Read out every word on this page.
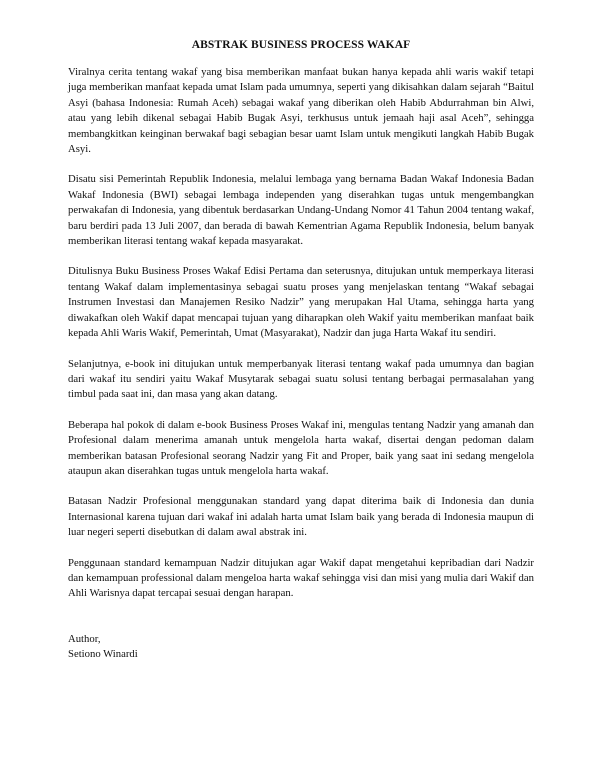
ABSTRAK BUSINESS PROCESS WAKAF
Viralnya cerita tentang wakaf yang bisa memberikan manfaat bukan hanya kepada ahli waris wakif tetapi juga memberikan manfaat kepada umat Islam pada umumnya, seperti yang dikisahkan dalam sejarah “Baitul Asyi (bahasa Indonesia: Rumah Aceh) sebagai wakaf yang diberikan oleh Habib Abdurrahman bin Alwi, atau yang lebih dikenal sebagai Habib Bugak Asyi, terkhusus untuk jemaah haji asal Aceh”, sehingga membangkitkan keinginan berwakaf bagi sebagian besar uamt Islam untuk mengikuti langkah Habib Bugak Asyi.
Disatu sisi Pemerintah Republik Indonesia, melalui lembaga yang bernama Badan Wakaf Indonesia Badan Wakaf Indonesia (BWI) sebagai lembaga independen yang diserahkan tugas untuk mengembangkan perwakafan di Indonesia, yang dibentuk berdasarkan Undang-Undang Nomor 41 Tahun 2004 tentang wakaf, baru berdiri pada 13 Juli 2007, dan berada di bawah Kementrian Agama Republik Indonesia, belum banyak memberikan literasi tentang wakaf kepada masyarakat.
Ditulisnya Buku Business Proses Wakaf Edisi Pertama dan seterusnya, ditujukan untuk memperkaya literasi tentang Wakaf dalam implementasinya sebagai suatu proses yang menjelaskan tentang “Wakaf sebagai Instrumen Investasi dan Manajemen Resiko Nadzir” yang merupakan Hal Utama, sehingga harta yang diwakafkan oleh Wakif dapat mencapai tujuan yang diharapkan oleh Wakif yaitu memberikan manfaat baik kepada Ahli Waris Wakif, Pemerintah, Umat (Masyarakat), Nadzir dan juga Harta Wakaf itu sendiri.
Selanjutnya, e-book ini ditujukan untuk memperbanyak literasi tentang wakaf pada umumnya dan bagian dari wakaf itu sendiri yaitu Wakaf Musytarak sebagai suatu solusi tentang berbagai permasalahan yang timbul pada saat ini, dan masa yang akan datang.
Beberapa hal pokok di dalam e-book Business Proses Wakaf ini, mengulas tentang Nadzir yang amanah dan Profesional dalam menerima amanah untuk mengelola harta wakaf, disertai dengan pedoman dalam memberikan batasan Profesional seorang Nadzir yang Fit and Proper, baik yang saat ini sedang mengelola ataupun akan diserahkan tugas untuk mengelola harta wakaf.
Batasan Nadzir Profesional menggunakan standard yang dapat diterima baik di Indonesia dan dunia Internasional karena tujuan dari wakaf ini adalah harta umat Islam baik yang berada di Indonesia maupun di luar negeri seperti disebutkan di dalam awal abstrak ini.
Penggunaan standard kemampuan Nadzir ditujukan agar Wakif dapat mengetahui kepribadian dari Nadzir dan kemampuan professional dalam mengeloa harta wakaf sehingga visi dan misi yang mulia dari Wakif dan Ahli Warisnya dapat tercapai sesuai dengan harapan.
Author,
Setiono Winardi
